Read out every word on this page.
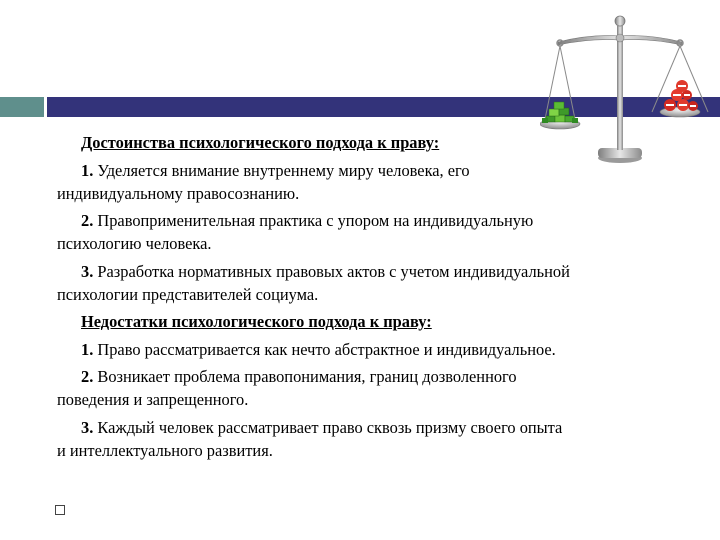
Достоинства психологического подхода к праву:
1. Уделяется внимание внутреннему миру человека, его
индивидуальному правосознанию.
2. Правоприменительная практика с упором на индивидуальную
психологию человека.
3. Разработка нормативных правовых актов с учетом индивидуальной
психологии представителей социума.
Недостатки психологического подхода к праву:
1. Право рассматривается как нечто абстрактное и индивидуальное.
2. Возникает проблема правопонимания, границ дозволенного
поведения и запрещенного.
3. Каждый человек рассматривает право сквозь призму своего опыта
и интеллектуального развития.
